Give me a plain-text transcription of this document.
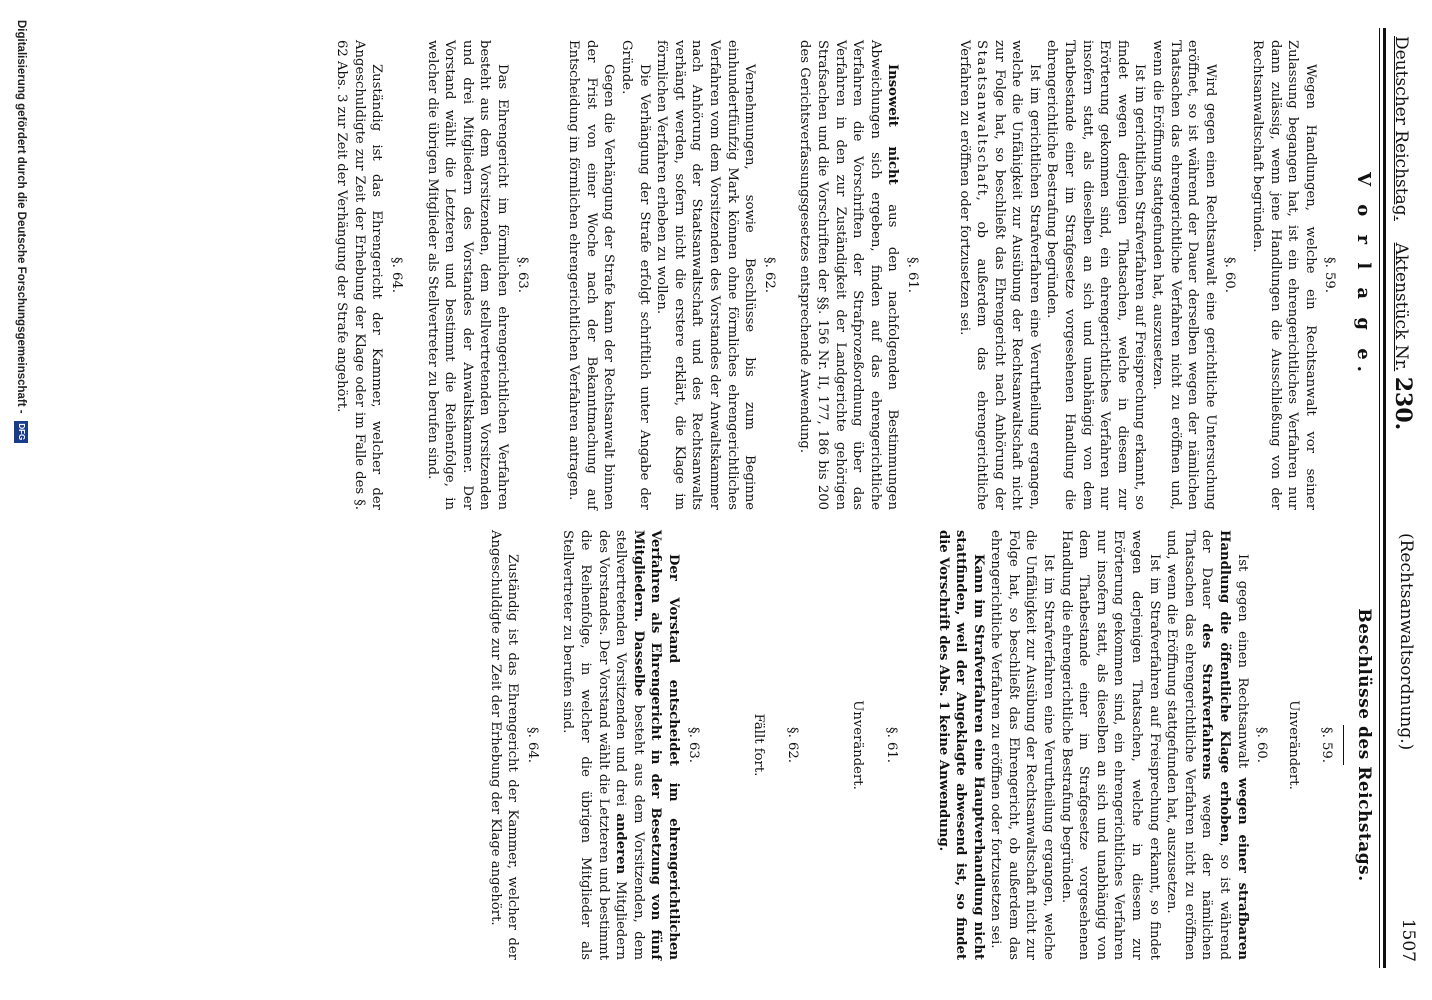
Deutscher Reichstag.    Aktenstück Nr. 230.
(Rechtsanwaltsordnung.)
1507
V o r l a g e.
§. 59.

Wegen Handlungen, welche ein Rechtsanwalt vor seiner Zulassung begangen hat, ist ein ehrengerichtliches Verfahren nur dann zulässig, wenn jene Handlungen die Ausschließung von der Rechtsanwaltschaft begründen.

§. 60.

Wird gegen einen Rechtsanwalt eine gerichtliche Untersuchung eröffnet, so ist während der Dauer derselben wegen der nämlichen Thatsachen das ehrengerichtliche Verfahren nicht zu eröffnen und, wenn die Eröffnung stattgefunden hat, auszusetzen.

Ist im gerichtlichen Strafverfahren auf Freisprechung erkannt, so findet wegen derjenigen Thatsachen, welche in diesem zur Erörterung gekommen sind, ein ehrengerichtliches Verfahren nur insofern statt, als dieselben an sich und unabhängig von dem Thatbestande einer im Strafgesetze vorgesehenen Handlung die ehrengerichtliche Bestrafung begründen.

Ist im gerichtlichen Strafverfahren eine Verurtheilung ergangen, welche die Unfähigkeit zur Ausübung der Rechtsanwaltschaft nicht zur Folge hat, so beschließt das Ehrengericht nach Anhörung der Staatsanwaltschaft, ob außerdem das ehrengerichtliche Verfahren zu eröffnen oder fortzusetzen sei.

§. 61.

Insoweit nicht aus den nachfolgenden Bestimmungen Abweichungen sich ergeben, finden auf das ehrengerichtliche Verfahren die Vorschriften der Strafprozeßordnung über das Verfahren in den zur Zuständigkeit der Landgerichte gehörigen Strafsachen und die Vorschriften der §§. 156 Nr. II, 177, 186 bis 200 des Gerichtsverfassungsgesetzes entsprechende Anwendung.

§. 62.

Vernehmungen, sowie Beschlüsse bis zum Beginne einhundertfünfzig Mark können ohne förmliches ehrengerichtliches Verfahren vom dem Vorsitzenden des Vorstandes der Anwaltskammer nach Anhörung der Staatsanwaltschaft und des Rechtsanwalts verhängt werden, sofern nicht die erstere erklärt, die Klage im förmlichen Verfahren erheben zu wollen.

Die Verhängung der Strafe erfolgt schriftlich unter Angabe der Gründe.

Gegen die Verhängung der Strafe kann der Rechtsanwalt binnen der Frist von einer Woche nach der Bekanntmachung auf Entscheidung im förmlichen ehrengerichtlichen Verfahren antragen.

§. 63.

Das Ehrengericht im förmlichen ehrengerichtlichen Verfahren besteht aus dem Vorsitzenden, dem stellvertretenden Vorsitzenden und drei Mitgliedern des Vorstandes der Anwaltskammer. Der Vorstand wählt die Letzteren und bestimmt die Reihenfolge, in welcher die übrigen Mitglieder als Stellvertreter zu berufen sind.

§. 64.

Zuständig ist das Ehrengericht der Kammer, welcher der Angeschuldigte zur Zeit der Erhebung der Klage oder im Falle des §. 62 Abs. 3 zur Zeit der Verhängung der Strafe angehört.

Beschlüsse des Reichstags.
§. 59.
Unverändert.
§. 60.

Ist gegen einen Rechtsanwalt wegen einer strafbaren Handlung die öffentliche Klage erhoben, so ist während der Dauer des Strafverfahrens wegen der nämlichen Thatsachen das ehrengerichtliche Verfahren nicht zu eröffnen und, wenn die Eröffnung stattgefunden hat, auszusetzen.

Ist im Strafverfahren auf Freisprechung erkannt, so findet wegen derjenigen Thatsachen, welche in diesem zur Erörterung gekommen sind, ein ehrengerichtliches Verfahren nur insofern statt, als dieselben an sich und unabhängig von dem Thatbestande einer im Strafgesetze vorgesehenen Handlung die ehrengerichtliche Bestrafung begründen.

Ist im Strafverfahren eine Verurtheilung ergangen, welche die Unfähigkeit zur Ausübung der Rechtsanwaltschaft nicht zur Folge hat, so beschließt das Ehrengericht, ob außerdem das ehrengerichtliche Verfahren zu eröffnen oder fortzusetzen sei.

Kann im Strafverfahren eine Hauptverhandlung nicht stattfinden, weil der Angeklagte abwesend ist, so findet die Vorschrift des Abs. 1 keine Anwendung.

§. 61.
Unverändert.
§. 62.
Fällt fort.
§. 63.

Der Vorstand entscheidet im ehrengerichtlichen Verfahren als Ehrengericht in der Besetzung von fünf Mitgliedern. Dasselbe besteht aus dem Vorsitzenden, dem stellvertretenden Vorsitzenden und drei anderen Mitgliedern des Vorstandes. Der Vorstand wählt die Letzteren und bestimmt die Reihenfolge, in welcher die übrigen Mitglieder als Stellvertreter zu berufen sind.

§. 64.

Zuständig ist das Ehrengericht der Kammer, welcher der Angeschuldigte zur Zeit der Erhebung der Klage angehört.

Digitalisierung gefördert durch die Deutsche Forschungsgemeinschaft - DFG
